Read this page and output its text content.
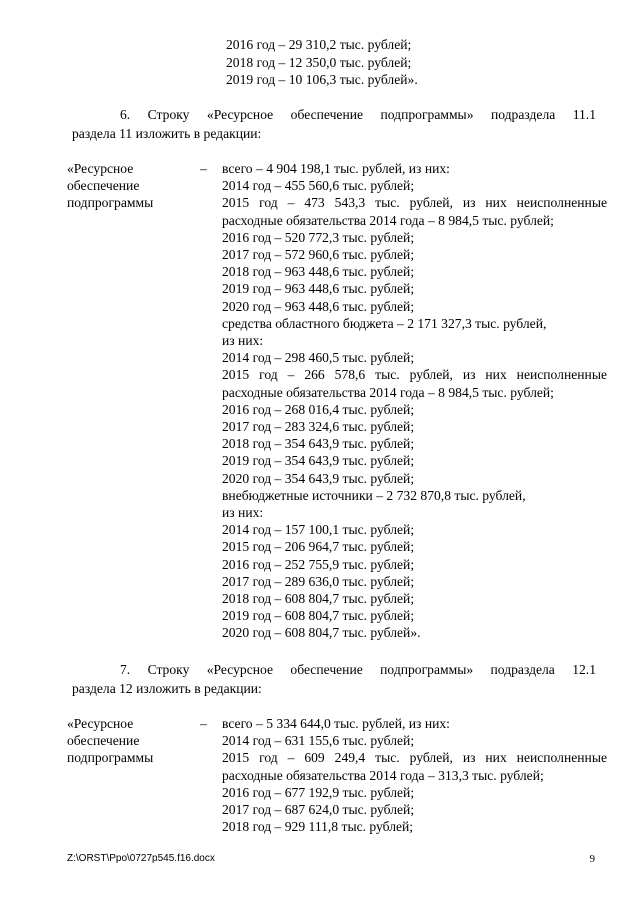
2016 год – 29 310,2 тыс. рублей;
2018 год – 12 350,0 тыс. рублей;
2019 год – 10 106,3 тыс. рублей».
6. Строку «Ресурсное обеспечение подпрограммы» подраздела 11.1
раздела 11 изложить в редакции:
«Ресурсное
обеспечение
подпрограммы
– всего – 4 904 198,1 тыс. рублей, из них:
2014 год – 455 560,6 тыс. рублей;
2015 год – 473 543,3 тыс. рублей, из них неисполненные
расходные обязательства 2014 года – 8 984,5 тыс. рублей;
2016 год – 520 772,3 тыс. рублей;
2017 год – 572 960,6 тыс. рублей;
2018 год – 963 448,6 тыс. рублей;
2019 год – 963 448,6 тыс. рублей;
2020 год – 963 448,6 тыс. рублей;
средства областного бюджета – 2 171 327,3 тыс. рублей,
из них:
2014 год – 298 460,5 тыс. рублей;
2015 год – 266 578,6 тыс. рублей, из них неисполненные
расходные обязательства 2014 года – 8 984,5 тыс. рублей;
2016 год – 268 016,4 тыс. рублей;
2017 год – 283 324,6 тыс. рублей;
2018 год – 354 643,9 тыс. рублей;
2019 год – 354 643,9 тыс. рублей;
2020 год – 354 643,9 тыс. рублей;
внебюджетные источники – 2 732 870,8 тыс. рублей,
из них:
2014 год – 157 100,1 тыс. рублей;
2015 год – 206 964,7 тыс. рублей;
2016 год – 252 755,9 тыс. рублей;
2017 год – 289 636,0 тыс. рублей;
2018 год – 608 804,7 тыс. рублей;
2019 год – 608 804,7 тыс. рублей;
2020 год – 608 804,7 тыс. рублей».
7. Строку «Ресурсное обеспечение подпрограммы» подраздела 12.1
раздела 12 изложить в редакции:
«Ресурсное
обеспечение
подпрограммы
– всего – 5 334 644,0 тыс. рублей, из них:
2014 год – 631 155,6 тыс. рублей;
2015 год – 609 249,4 тыс. рублей, из них неисполненные
расходные обязательства 2014 года – 313,3 тыс. рублей;
2016 год – 677 192,9 тыс. рублей;
2017 год – 687 624,0 тыс. рублей;
2018 год – 929 111,8 тыс. рублей;
Z:\ORST\Ppo\0727p545.f16.docx	9
